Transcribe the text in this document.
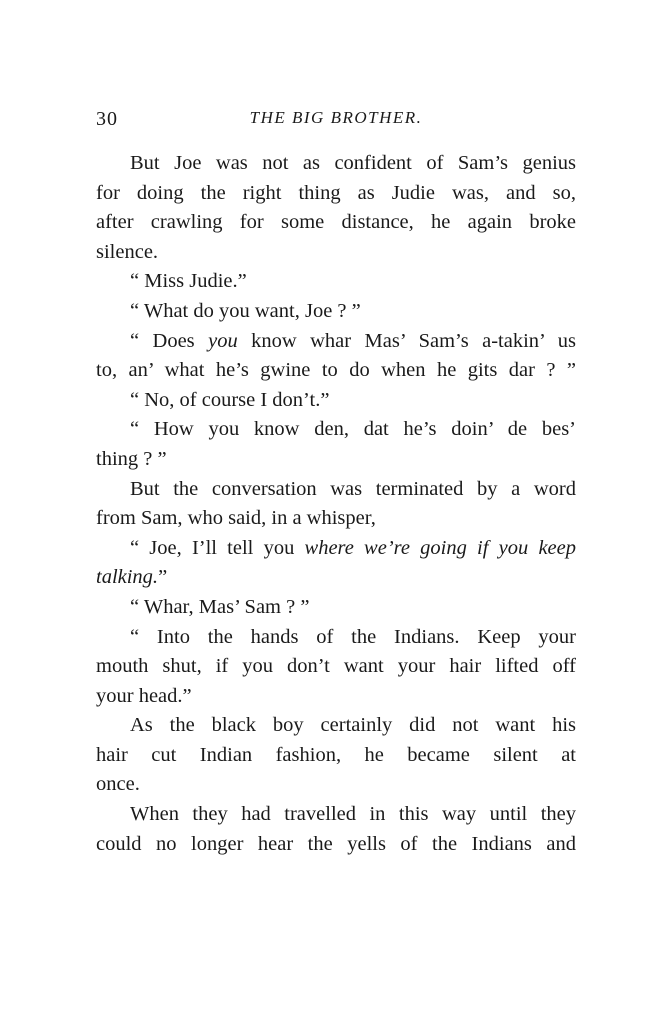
30	THE BIG BROTHER.
But Joe was not as confident of Sam’s genius
for doing the right thing as Judie was, and so,
after crawling for some distance, he again broke
silence.
“ Miss Judie.”
“ What do you want, Joe ? ”
“ Does you know whar Mas’ Sam’s a-takin’ us
to, an’ what he’s gwine to do when he gits dar ? ”
“ No, of course I don’t.”
“ How you know den, dat he’s doin’ de bes’
thing ? ”
But the conversation was terminated by a word
from Sam, who said, in a whisper,
“ Joe, I’ll tell you where we’re going if you keep
talking.”
“ Whar, Mas’ Sam ? ”
“ Into the hands of the Indians. Keep your
mouth shut, if you don’t want your hair lifted off
your head.”
As the black boy certainly did not want his
hair cut Indian fashion, he became silent at
once.
When they had travelled in this way until they
could no longer hear the yells of the Indians and
